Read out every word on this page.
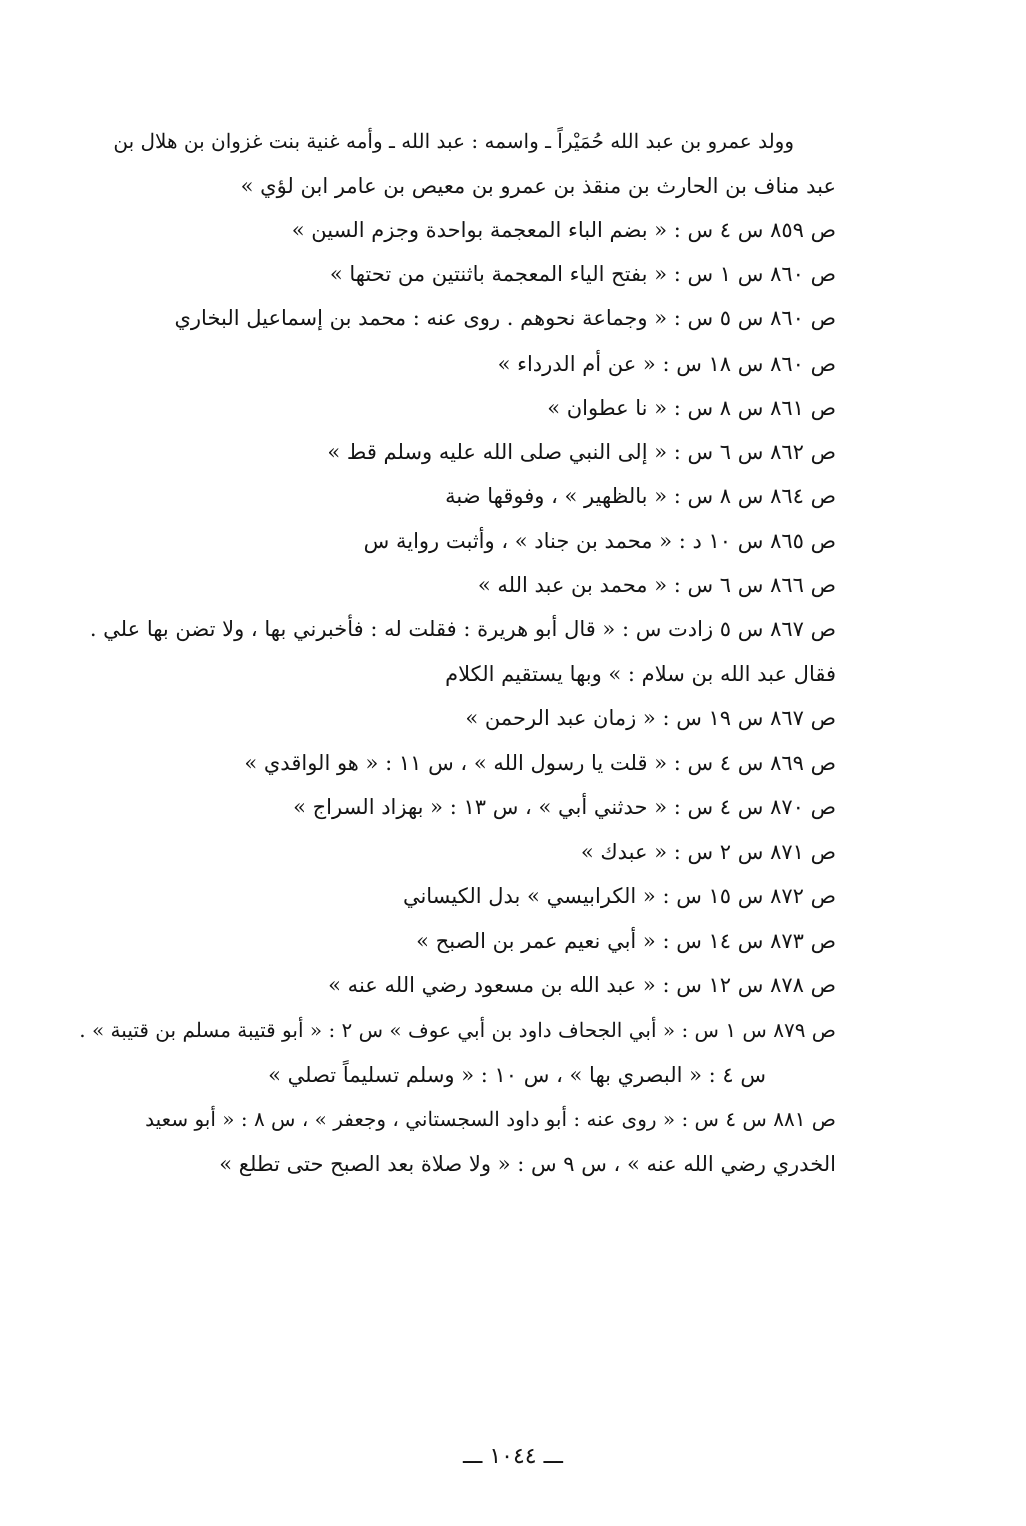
وولد عمرو بن عبد الله حُمَيْراً ـ واسمه : عبد الله ـ وأمه غنية بنت غزوان بن هلال بن
عبد مناف بن الحارث بن منقذ بن عمرو بن معيص بن عامر ابن لؤي »
ص ٨٥٩ س ٤ س : « بضم الباء المعجمة بواحدة وجزم السين »
ص ٨٦٠ س ١ س : « بفتح الياء المعجمة باثنتين من تحتها »
ص ٨٦٠ س ٥ س : « وجماعة نحوهم . روى عنه : محمد بن إسماعيل البخاري
ص ٨٦٠ س ١٨ س : « عن أم الدرداء »
ص ٨٦١ س ٨ س : « نا عطوان »
ص ٨٦٢ س ٦ س : « إلى النبي صلى الله عليه وسلم قط »
ص ٨٦٤ س ٨ س : « بالظهير » ، وفوقها ضبة
ص ٨٦٥ س ١٠ د : « محمد بن جناد » ، وأثبت رواية س
ص ٨٦٦ س ٦ س : « محمد بن عبد الله »
ص ٨٦٧ س ٥ زادت س : « قال أبو هريرة : فقلت له : فأخبرني بها ، ولا تضن بها علي .
فقال عبد الله بن سلام : » وبها يستقيم الكلام
ص ٨٦٧ س ١٩ س : « زمان عبد الرحمن »
ص ٨٦٩ س ٤ س : « قلت يا رسول الله » ، س ١١ : « هو الواقدي »
ص ٨٧٠ س ٤ س : « حدثني أبي » ، س ١٣ : « بهزاد السراج »
ص ٨٧١ س ٢ س : « عبدك »
ص ٨٧٢ س ١٥ س : « الكرابيسي » بدل الكيساني
ص ٨٧٣ س ١٤ س : « أبي نعيم عمر بن الصبح »
ص ٨٧٨ س ١٢ س : « عبد الله بن مسعود رضي الله عنه »
ص ٨٧٩ س ١ س : « أبي الجحاف داود بن أبي عوف » س ٢ : « أبو قتيبة مسلم بن قتيبة » .
س ٤ : « البصري بها » ، س ١٠ : « وسلم تسليماً تصلي »
ص ٨٨١ س ٤ س : « روى عنه : أبو داود السجستاني ، وجعفر » ، س ٨ : « أبو سعيد
الخدري رضي الله عنه » ، س ٩ س : « ولا صلاة بعد الصبح حتى تطلع »
ـــ ١٠٤٤ ـــ
